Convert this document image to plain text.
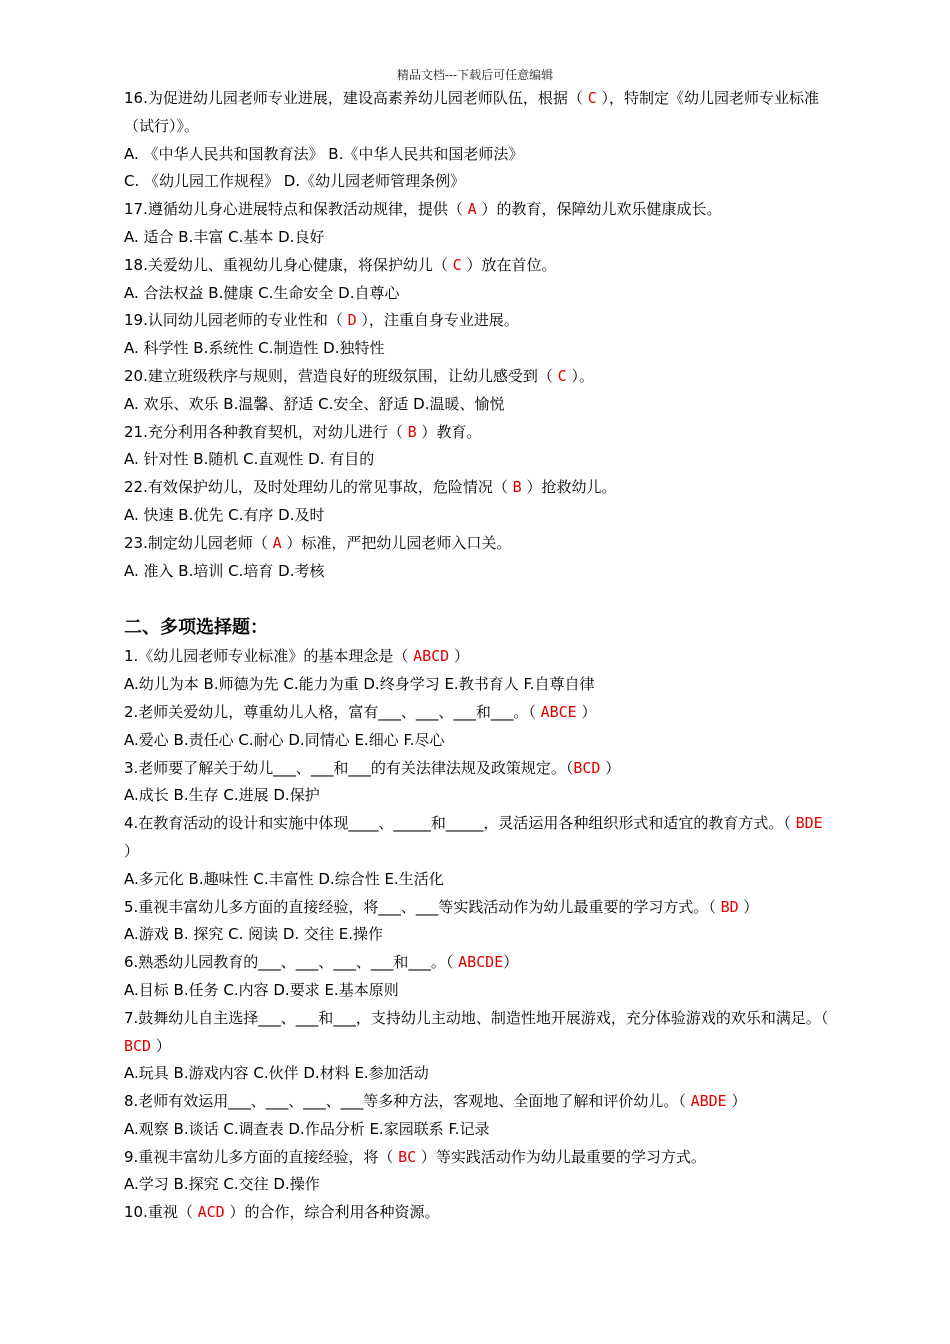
精品文档---下载后可任意编辑
16.为促进幼儿园老师专业进展，建设高素养幼儿园老师队伍，根据（ C ），特制定《幼儿园老师专业标准（试行）》。
A. 《中华人民共和国教育法》 B.《中华人民共和国老师法》
C. 《幼儿园工作规程》 D.《幼儿园老师管理条例》
17.遵循幼儿身心进展特点和保教活动规律，提供（ A ）的教育，保障幼儿欢乐健康成长。
A. 适合 B.丰富 C.基本 D.良好
18.关爱幼儿、重视幼儿身心健康，将保护幼儿（ C ）放在首位。
A. 合法权益 B.健康 C.生命安全 D.自尊心
19.认同幼儿园老师的专业性和（ D ），注重自身专业进展。
A. 科学性 B.系统性 C.制造性 D.独特性
20.建立班级秩序与规则，营造良好的班级氛围，让幼儿感受到（ C ）。
A. 欢乐、欢乐 B.温馨、舒适 C.安全、舒适 D.温暖、愉悦
21.充分利用各种教育契机，对幼儿进行（ B ）教育。
A. 针对性 B.随机 C.直观性 D. 有目的
22.有效保护幼儿，及时处理幼儿的常见事故，危险情况（ B ）抢救幼儿。
A. 快速 B.优先 C.有序 D.及时
23.制定幼儿园老师（ A ）标准，严把幼儿园老师入口关。
A. 准入 B.培训 C.培育 D.考核
二、多项选择题：
1.《幼儿园老师专业标准》的基本理念是（ ABCD ）
A.幼儿为本 B.师德为先 C.能力为重 D.终身学习 E.教书育人 F.自尊自律
2.老师关爱幼儿，尊重幼儿人格，富有___、___、___和___。（ ABCE ）
A.爱心 B.责任心 C.耐心 D.同情心 E.细心 F.尽心
3.老师要了解关于幼儿___、___和___的有关法律法规及政策规定。（BCD ）
A.成长 B.生存 C.进展 D.保护
4.在教育活动的设计和实施中体现____、_____和_____，灵活运用各种组织形式和适宜的教育方式。（ BDE ）
A.多元化 B.趣味性 C.丰富性 D.综合性 E.生活化
5.重视丰富幼儿多方面的直接经验，将___、___等实践活动作为幼儿最重要的学习方式。（ BD ）
A.游戏 B. 探究 C. 阅读 D. 交往 E.操作
6.熟悉幼儿园教育的___、___、___、___和___。（ ABCDE）
A.目标 B.任务 C.内容 D.要求 E.基本原则
7.鼓舞幼儿自主选择___、___和___，支持幼儿主动地、制造性地开展游戏，充分体验游戏的欢乐和满足。（ BCD ）
A.玩具 B.游戏内容 C.伙伴 D.材料 E.参加活动
8.老师有效运用___、___、___、___等多种方法，客观地、全面地了解和评价幼儿。（ ABDE ）
A.观察 B.谈话 C.调查表 D.作品分析 E.家园联系 F.记录
9.重视丰富幼儿多方面的直接经验，将（ BC ）等实践活动作为幼儿最重要的学习方式。
A.学习 B.探究 C.交往 D.操作
10.重视（ ACD ）的合作，综合利用各种资源。
